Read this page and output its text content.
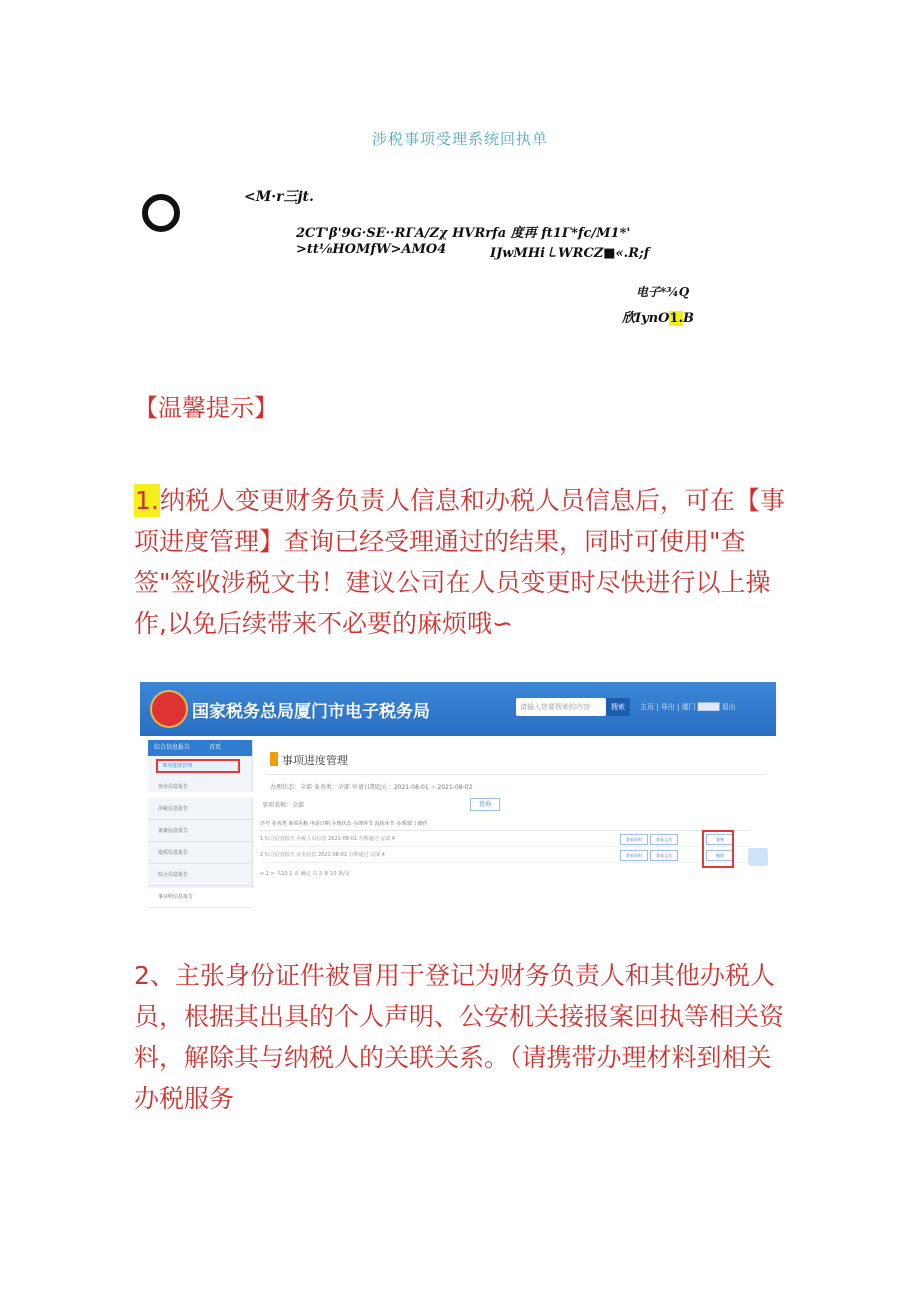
涉税事项受理系统回执单
<M·r三jt.
2CT'β'9G·SE··RΓA/Zχ HVRrfa 度再 ft1Γ*fc/M1*'
>tt⅛HOMfW>AMO4	IJwMHi㇄WRCZ■«.R;f
电子*¾Q
欣IynO1.B
【温馨提示】
1.纳税人变更财务负责人信息和办税人员信息后，可在【事项进度管理】查询已经受理通过的结果，同时可使用"查签"签收涉税文书！建议公司在人员变更时尽快进行以上操作,以免后续带来不必要的麻烦哦∽
国家税务总局厦门市电子税务局	请输入您要搜索的内容	搜索	主页 | 导出 | 厦门 ████ 退出
综合信息报告	首页
事项进度管理
身份信息报告
涉税信息报告
备案信息报告
资质信息报告
综合信息报告
事证明信息报告
事项进度管理
办理状态：全部 业务类：全部 申请日期起止：2021-08-01 ~ 2021-08-02
事项名称：全部	查询
序号 业务类 事项名称 申请日期 办理状态 办理环节 流转环节 办理部门 操作
1 综合信息报告 办税人员信息 2021-08-01 办理通过 完成 4	查看资料	查看文书	查签
2 综合信息报告 实名信息 2021-08-01 办理通过 完成 4	查看资料	查看文书	撤销
< 1 > 共10 1 页 确定 共 2 条 10 条/页
2、主张身份证件被冒用于登记为财务负责人和其他办税人员，根据其出具的个人声明、公安机关接报案回执等相关资料，解除其与纳税人的关联关系。（请携带办理材料到相关办税服务
